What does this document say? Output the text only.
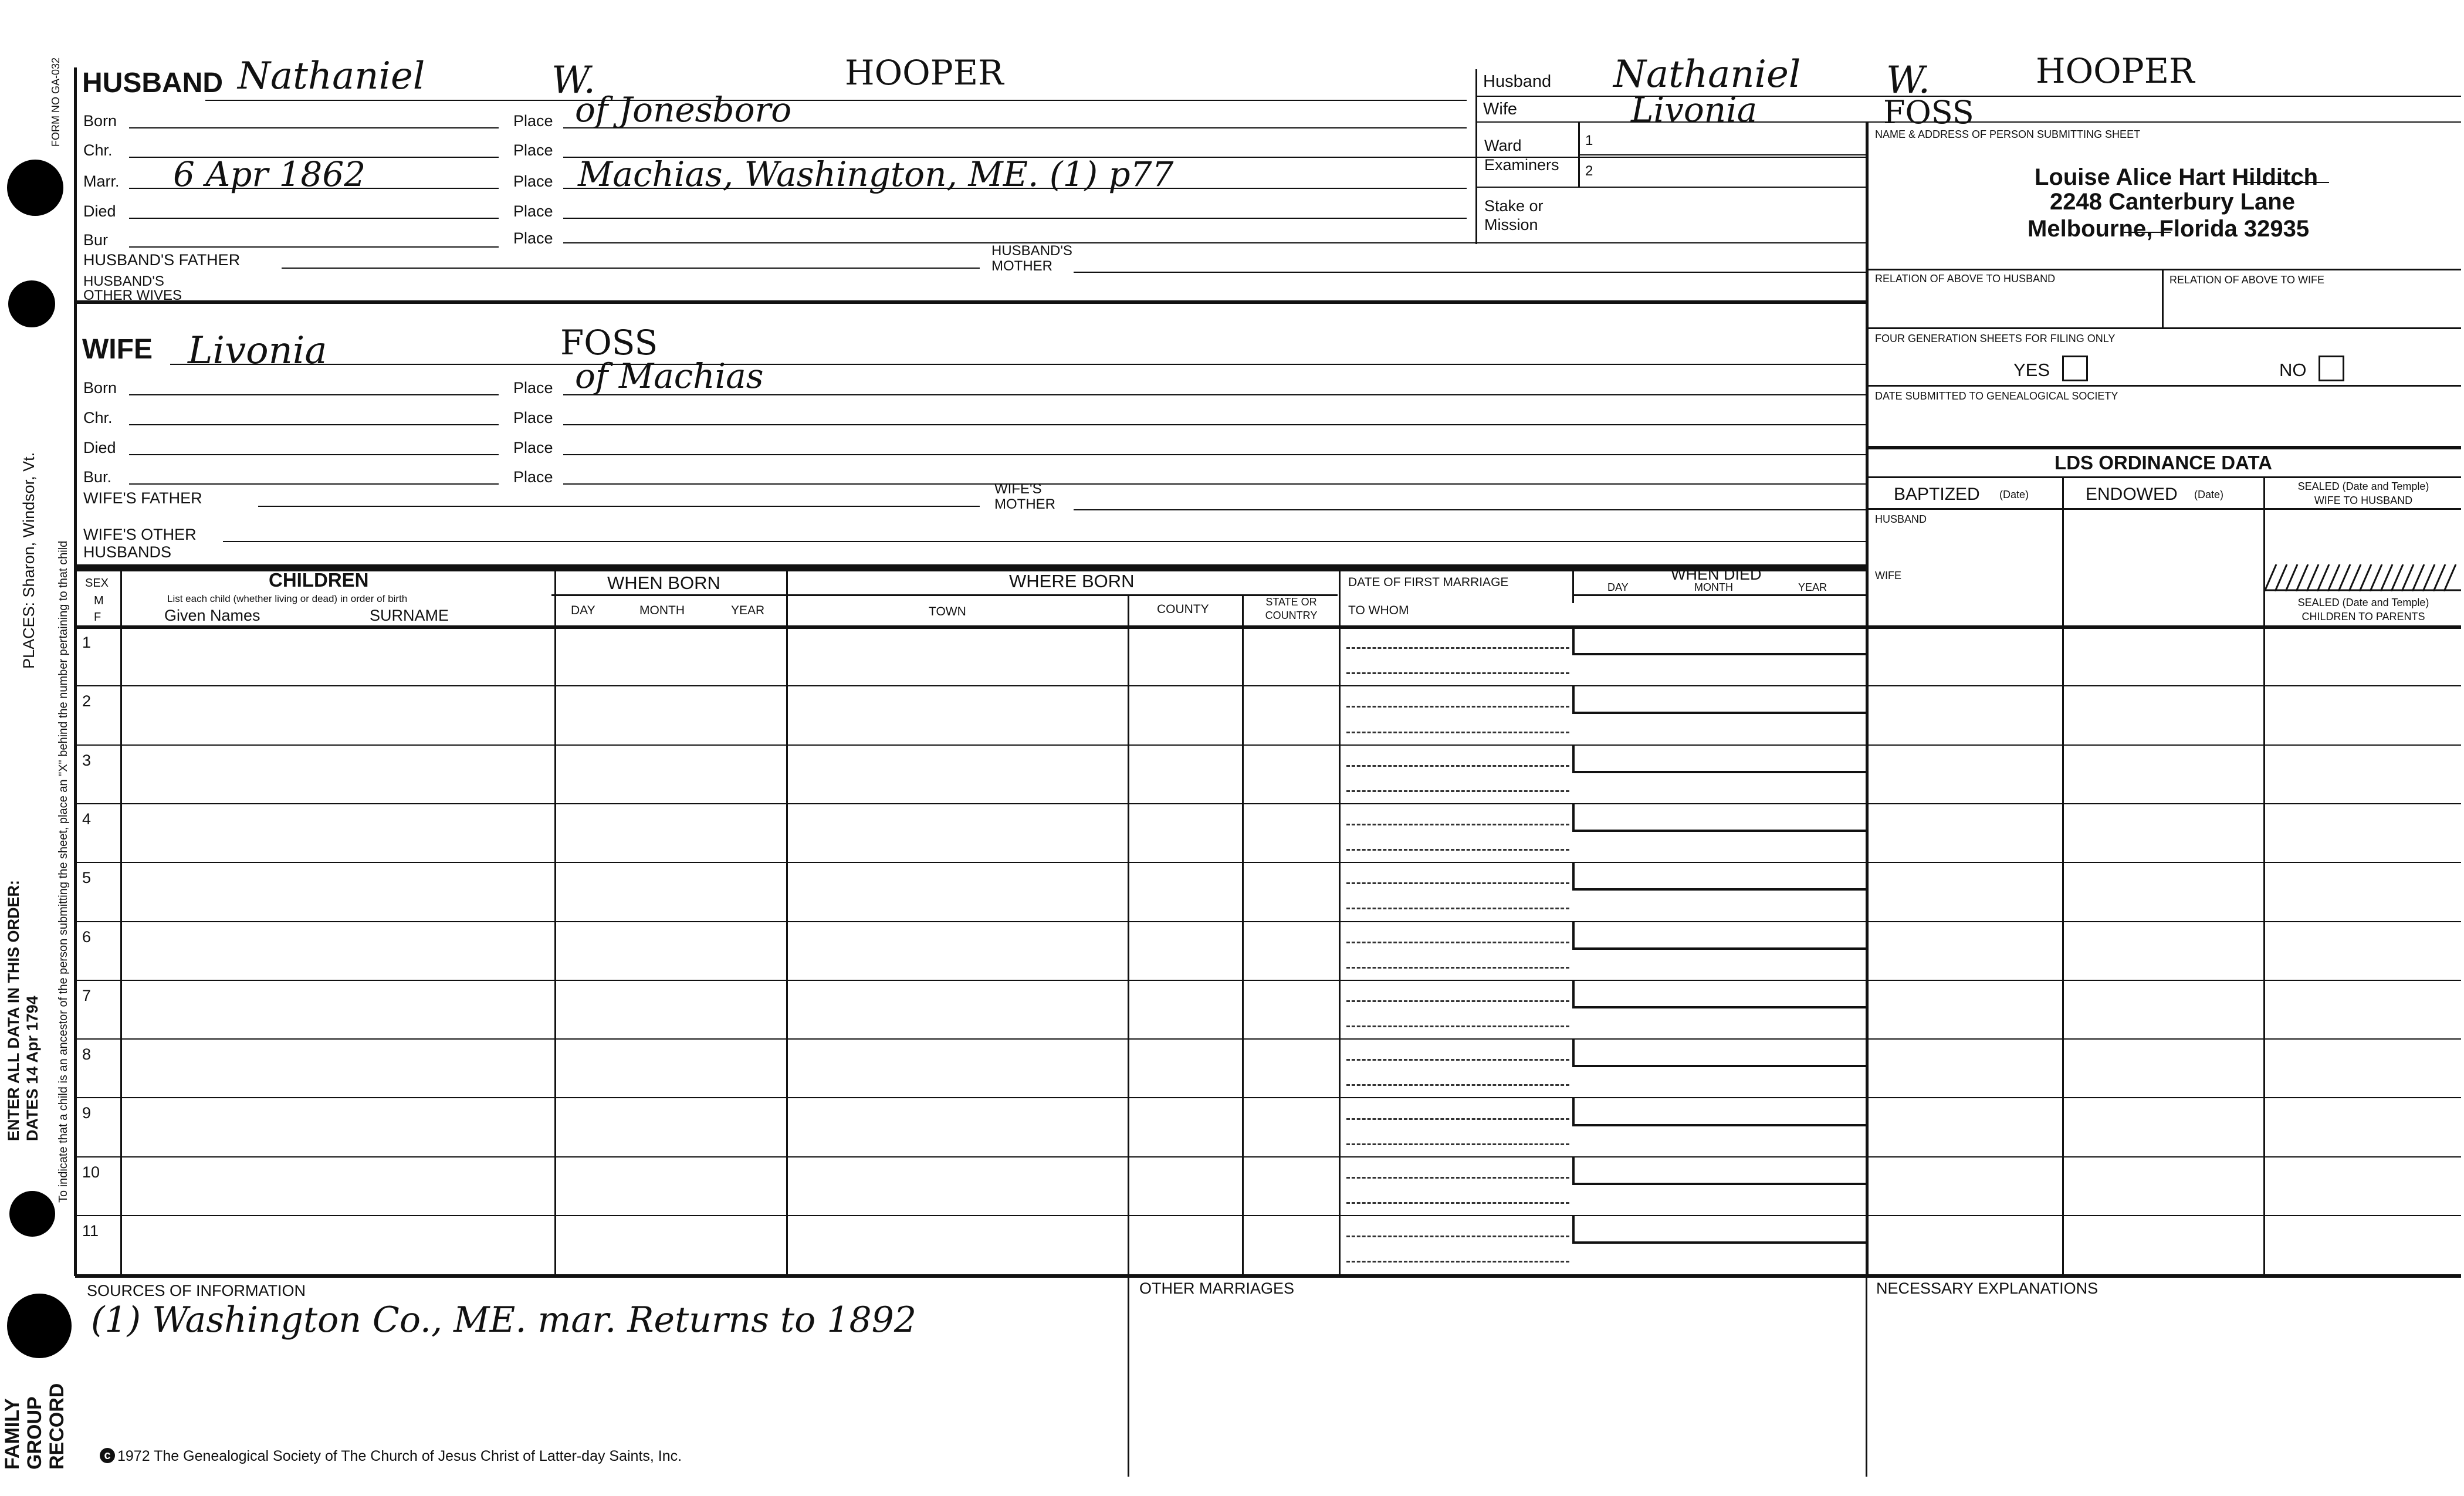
FORM NO GA-032
To indicate that a child is an ancestor of the person submitting the sheet, place an "X" behind the number pertaining to that child
PLACES: Sharon, Windsor, Vt.
ENTER ALL DATA IN THIS ORDER: DATES 14 Apr 1794
FAMILY GROUP RECORD
HUSBAND Nathaniel	W.	HOOPER
Born	Place of Jonesboro
Chr.	Place
Marr. 6 Apr 1862	Place Machias, Washington, ME. (1) p77
Died	Place
Bur	Place
HUSBAND'S FATHER
HUSBAND'S
MOTHER
HUSBAND'S
OTHER WIVES
WIFE Livonia	FOSS
Born	Place of Machias
Chr.	Place
Died	Place
Bur.	Place
WIFE'S FATHER
WIFE'S
MOTHER
WIFE'S OTHER
HUSBANDS
Husband Nathaniel W.	HOOPER
Wife	Livonia	FOSS
Ward
Examiners
1
2
Stake or
Mission
NAME & ADDRESS OF PERSON SUBMITTING SHEET
Louise Alice Hart Hilditch
2248 Canterbury Lane
Melbourne, Florida 32935
RELATION OF ABOVE TO HUSBAND	RELATION OF ABOVE TO WIFE
FOUR GENERATION SHEETS FOR FILING ONLY
YES	NO
DATE SUBMITTED TO GENEALOGICAL SOCIETY
LDS ORDINANCE DATA
BAPTIZED (Date)	ENDOWED (Date)
SEALED (Date and Temple)
WIFE TO HUSBAND
HUSBAND
WIFE
SEALED (Date and Temple)
CHILDREN TO PARENTS
SEX
M
F
CHILDREN
List each child (whether living or dead) in order of birth
Given Names	SURNAME
WHEN BORN
DAY	MONTH	YEAR
WHERE BORN
TOWN	COUNTY
STATE OR
COUNTRY
DATE OF FIRST MARRIAGE
TO WHOM
WHEN DIED
DAY	MONTH	YEAR
1
2
3
4
5
6
7
8
9
10
11
SOURCES OF INFORMATION
(1) Washington Co., ME. mar. Returns to 1892
OTHER MARRIAGES	NECESSARY EXPLANATIONS
c 1972 The Genealogical Society of The Church of Jesus Christ of Latter-day Saints, Inc.
